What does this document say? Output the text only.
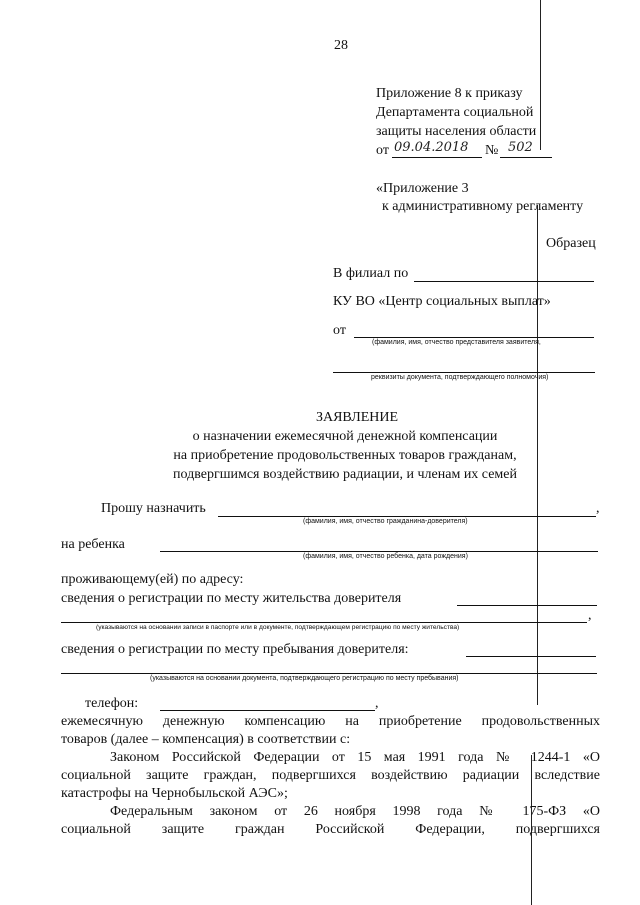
28
Приложение 8 к приказу
Департамента социальной
защиты населения области
от 09.04.2018 № 502
«Приложение 3
к административному регламенту
Образец
В филиал по
КУ ВО «Центр социальных выплат»
от
(фамилия, имя, отчество представителя заявителя,
реквизиты документа, подтверждающего полномочия)
ЗАЯВЛЕНИЕ
о назначении ежемесячной денежной компенсации
на приобретение продовольственных товаров гражданам,
подвергшимся воздействию радиации, и членам их семей
Прошу назначить	,
(фамилия, имя, отчество гражданина-доверителя)
на ребенка
(фамилия, имя, отчество ребенка, дата рождения)
проживающему(ей) по адресу:
сведения о регистрации по месту жительства доверителя
,
(указываются на основании записи в паспорте или в документе, подтверждающем регистрацию по месту жительства)
сведения о регистрации по месту пребывания доверителя:
(указываются на основании документа, подтверждающего регистрацию по месту пребывания)
телефон:	,
ежемесячную денежную компенсацию на приобретение продовольственных
товаров (далее – компенсация) в соответствии с:
Законом Российской Федерации от 15 мая 1991 года № 1244-1 «О
социальной защите граждан, подвергшихся воздействию радиации вследствие
катастрофы на Чернобыльской АЭС»;
Федеральным законом от 26 ноября 1998 года № 175-ФЗ «О
социальной защите граждан Российской Федерации, подвергшихся
